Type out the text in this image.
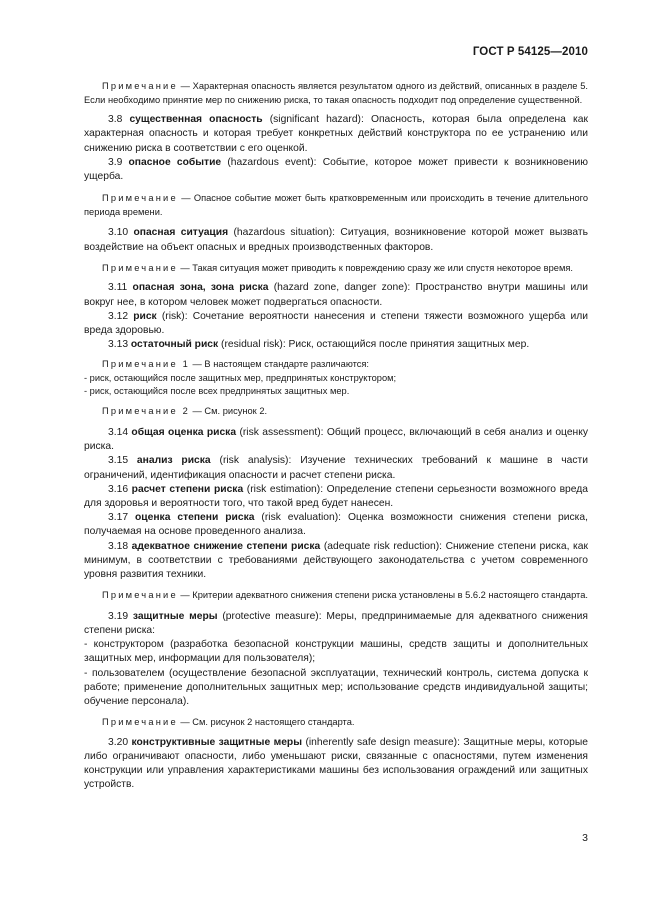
ГОСТ Р 54125—2010
Примечание — Характерная опасность является результатом одного из действий, описанных в разделе 5. Если необходимо принятие мер по снижению риска, то такая опасность подходит под определение существенной.
3.8 существенная опасность (significant hazard): Опасность, которая была определена как характерная опасность и которая требует конкретных действий конструктора по ее устранению или снижению риска в соответствии с его оценкой.
3.9 опасное событие (hazardous event): Событие, которое может привести к возникновению ущерба.
Примечание — Опасное событие может быть кратковременным или происходить в течение длительного периода времени.
3.10 опасная ситуация (hazardous situation): Ситуация, возникновение которой может вызвать воздействие на объект опасных и вредных производственных факторов.
Примечание — Такая ситуация может приводить к повреждению сразу же или спустя некоторое время.
3.11 опасная зона, зона риска (hazard zone, danger zone): Пространство внутри машины или вокруг нее, в котором человек может подвергаться опасности.
3.12 риск (risk): Сочетание вероятности нанесения и степени тяжести возможного ущерба или вреда здоровью.
3.13 остаточный риск (residual risk): Риск, остающийся после принятия защитных мер.
Примечание 1 — В настоящем стандарте различаются:
- риск, остающийся после защитных мер, предпринятых конструктором;
- риск, остающийся после всех предпринятых защитных мер.
Примечание 2 — См. рисунок 2.
3.14 общая оценка риска (risk assessment): Общий процесс, включающий в себя анализ и оценку риска.
3.15 анализ риска (risk analysis): Изучение технических требований к машине в части ограничений, идентификация опасности и расчет степени риска.
3.16 расчет степени риска (risk estimation): Определение степени серьезности возможного вреда для здоровья и вероятности того, что такой вред будет нанесен.
3.17 оценка степени риска (risk evaluation): Оценка возможности снижения степени риска, получаемая на основе проведенного анализа.
3.18 адекватное снижение степени риска (adequate risk reduction): Снижение степени риска, как минимум, в соответствии с требованиями действующего законодательства с учетом современного уровня развития техники.
Примечание — Критерии адекватного снижения степени риска установлены в 5.6.2 настоящего стандарта.
3.19 защитные меры (protective measure): Меры, предпринимаемые для адекватного снижения степени риска:
- конструктором (разработка безопасной конструкции машины, средств защиты и дополнительных защитных мер, информации для пользователя);
- пользователем (осуществление безопасной эксплуатации, технический контроль, система допуска к работе; применение дополнительных защитных мер; использование средств индивидуальной защиты; обучение персонала).
Примечание — См. рисунок 2 настоящего стандарта.
3.20 конструктивные защитные меры (inherently safe design measure): Защитные меры, которые либо ограничивают опасности, либо уменьшают риски, связанные с опасностями, путем изменения конструкции или управления характеристиками машины без использования ограждений или защитных устройств.
3
